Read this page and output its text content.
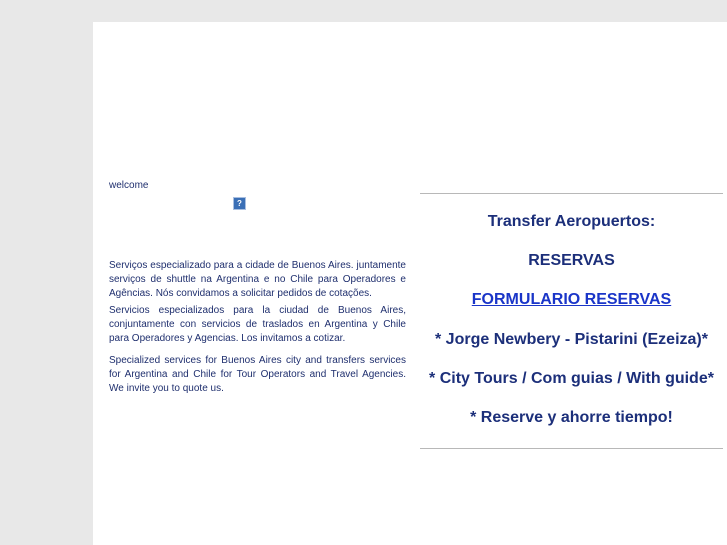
welcome

?

Serviços especializado para a cidade de Buenos Aires. juntamente serviços de shuttle na Argentina e no Chile para Operadores e Agências. Nós convidamos a solicitar pedidos de cotações.

Servicios especializados para la ciudad de Buenos Aires, conjuntamente con servicios de traslados en Argentina y Chile para Operadores y Agencias. Los invitamos a cotizar.

Specialized services for Buenos Aires city and transfers services for Argentina and Chile for Tour Operators and Travel Agencies. We invite you to quote us.

Transfer Aeropuertos:
RESERVAS
FORMULARIO RESERVAS
* Jorge Newbery - Pistarini (Ezeiza)*
* City Tours / Com guias / With guide*
* Reserve y ahorre tiempo!
